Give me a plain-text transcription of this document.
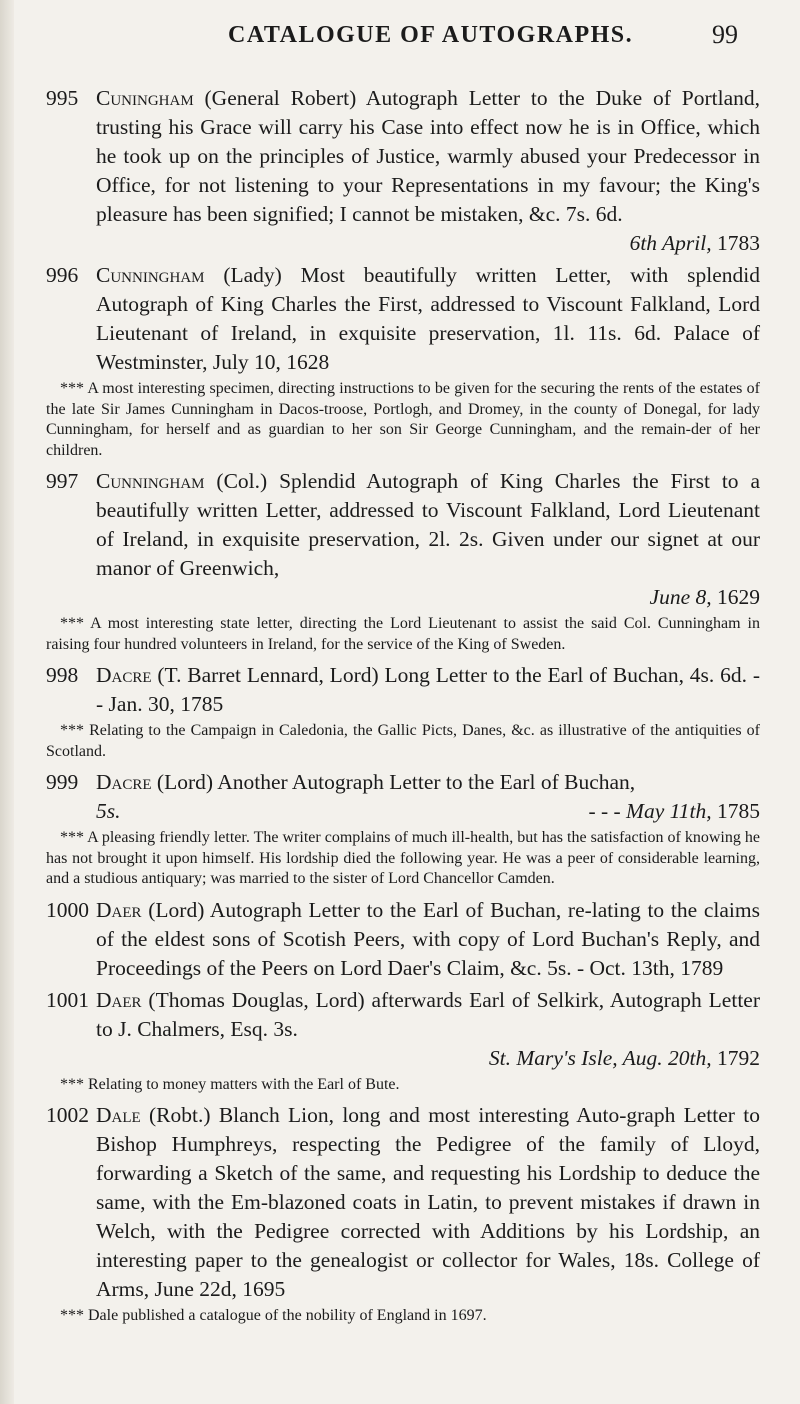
CATALOGUE OF AUTOGRAPHS.	99
995 Cuningham (General Robert) Autograph Letter to the Duke of Portland, trusting his Grace will carry his Case into effect now he is in Office, which he took up on the principles of Justice, warmly abused your Predecessor in Office, for not listening to your Representations in my favour; the King's pleasure has been signified; I cannot be mistaken, &c. 7s. 6d.
6th April, 1783
996 Cunningham (Lady) Most beautifully written Letter, with splendid Autograph of King Charles the First, addressed to Viscount Falkland, Lord Lieutenant of Ireland, in exquisite preservation, 1l. 11s. 6d. Palace of Westminster, July 10, 1628
*** A most interesting specimen, directing instructions to be given for the securing the rents of the estates of the late Sir James Cunningham in Dacos-troose, Portlogh, and Dromey, in the county of Donegal, for lady Cunningham, for herself and as guardian to her son Sir George Cunningham, and the remain-der of her children.
997 Cunningham (Col.) Splendid Autograph of King Charles the First to a beautifully written Letter, addressed to Viscount Falkland, Lord Lieutenant of Ireland, in exquisite preservation, 2l. 2s. Given under our signet at our manor of Greenwich,
June 8, 1629
*** A most interesting state letter, directing the Lord Lieutenant to assist the said Col. Cunningham in raising four hundred volunteers in Ireland, for the service of the King of Sweden.
998 Dacre (T. Barret Lennard, Lord) Long Letter to the Earl of Buchan, 4s. 6d. - - Jan. 30, 1785
*** Relating to the Campaign in Caledonia, the Gallic Picts, Danes, &c. as illustrative of the antiquities of Scotland.
999 Dacre (Lord) Another Autograph Letter to the Earl of Buchan,
5s.	- - - May 11th, 1785
*** A pleasing friendly letter. The writer complains of much ill-health, but has the satisfaction of knowing he has not brought it upon himself. His lordship died the following year. He was a peer of considerable learning, and a studious antiquary; was married to the sister of Lord Chancellor Camden.
1000 Daer (Lord) Autograph Letter to the Earl of Buchan, re-lating to the claims of the eldest sons of Scotish Peers, with copy of Lord Buchan's Reply, and Proceedings of the Peers on Lord Daer's Claim, &c. 5s. - Oct. 13th, 1789
1001 Daer (Thomas Douglas, Lord) afterwards Earl of Selkirk, Autograph Letter to J. Chalmers, Esq. 3s.
St. Mary's Isle, Aug. 20th, 1792
*** Relating to money matters with the Earl of Bute.
1002 Dale (Robt.) Blanch Lion, long and most interesting Auto-graph Letter to Bishop Humphreys, respecting the Pedigree of the family of Lloyd, forwarding a Sketch of the same, and requesting his Lordship to deduce the same, with the Em-blazoned coats in Latin, to prevent mistakes if drawn in Welch, with the Pedigree corrected with Additions by his Lordship, an interesting paper to the genealogist or collector for Wales, 18s. College of Arms, June 22d, 1695
*** Dale published a catalogue of the nobility of England in 1697.
